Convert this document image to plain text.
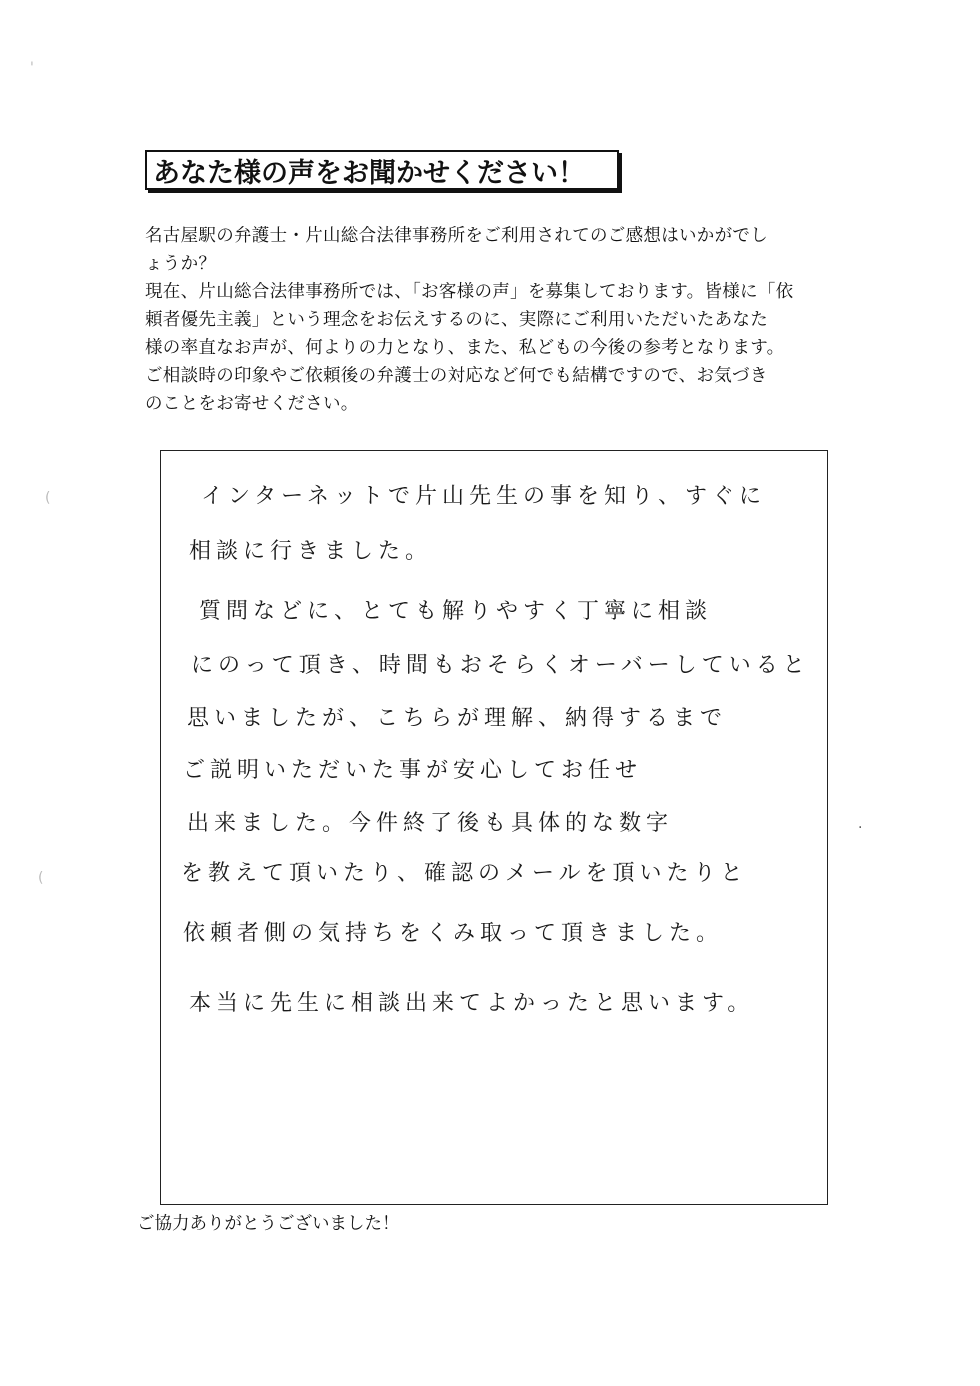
あなた様の声をお聞かせください！

名古屋駅の弁護士・片山総合法律事務所をご利用されてのご感想はいかがでし

ょうか？

現在、片山総合法律事務所では、「お客様の声」を募集しております。皆様に「依

頼者優先主義」という理念をお伝えするのに、実際にご利用いただいたあなた

様の率直なお声が、何よりの力となり、また、私どもの今後の参考となります。

ご相談時の印象やご依頼後の弁護士の対応など何でも結構ですので、お気づき

のことをお寄せください。

インターネットで片山先生の事を知り、すぐに
相談に行きました。
質問などに、とても解りやすく丁寧に相談
にのって頂き、時間もおそらくオーバーしていると
思いましたが、こちらが理解、納得するまで
ご説明いただいた事が安心してお任せ
出来ました。今件終了後も具体的な数字
を教えて頂いたり、確認のメールを頂いたりと
依頼者側の気持ちをくみ取って頂きました。
本当に先生に相談出来てよかったと思います。
ご協力ありがとうございました！
'
(
(
·
